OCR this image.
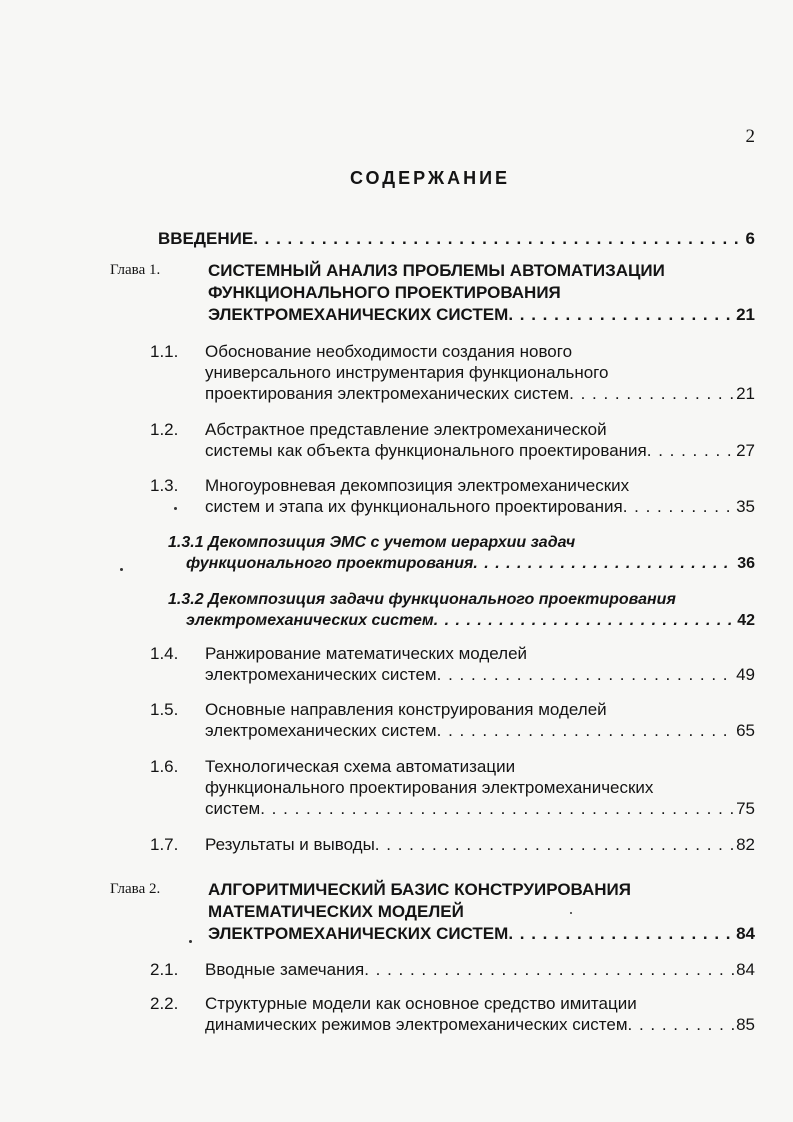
2
СОДЕРЖАНИЕ
ВВЕДЕНИЕ . . .	6
Глава 1.	СИСТЕМНЫЙ АНАЛИЗ ПРОБЛЕМЫ АВТОМАТИЗАЦИИ
ФУНКЦИОНАЛЬНОГО ПРОЕКТИРОВАНИЯ
ЭЛЕКТРОМЕХАНИЧЕСКИХ СИСТЕМ . . .	21
1.1. Обоснование необходимости создания нового
универсального инструментария функционального
проектирования электромеханических систем . . .	21
1.2. Абстрактное представление электромеханической
системы как объекта функционального проектирования . . .	27
1.3. Многоуровневая декомпозиция электромеханических
систем и этапа их функционального проектирования . . .	35
1.3.1 Декомпозиция ЭМС с учетом иерархии задач
функционального проектирования . . .	36
1.3.2 Декомпозиция задачи функционального проектирования
электромеханических систем . . .	42
1.4. Ранжирование математических моделей
электромеханических систем . . .	49
1.5. Основные направления конструирования моделей
электромеханических систем . . .	65
1.6. Технологическая схема автоматизации
функционального проектирования электромеханических
систем . . .	75
1.7. Результаты и выводы . . .	82
Глава 2.	АЛГОРИТМИЧЕСКИЙ БАЗИС КОНСТРУИРОВАНИЯ
МАТЕМАТИЧЕСКИХ МОДЕЛЕЙ
ЭЛЕКТРОМЕХАНИЧЕСКИХ СИСТЕМ . . .	84
2.1. Вводные замечания . . .	84
2.2. Структурные модели как основное средство имитации
динамических режимов электромеханических систем . . .	85
